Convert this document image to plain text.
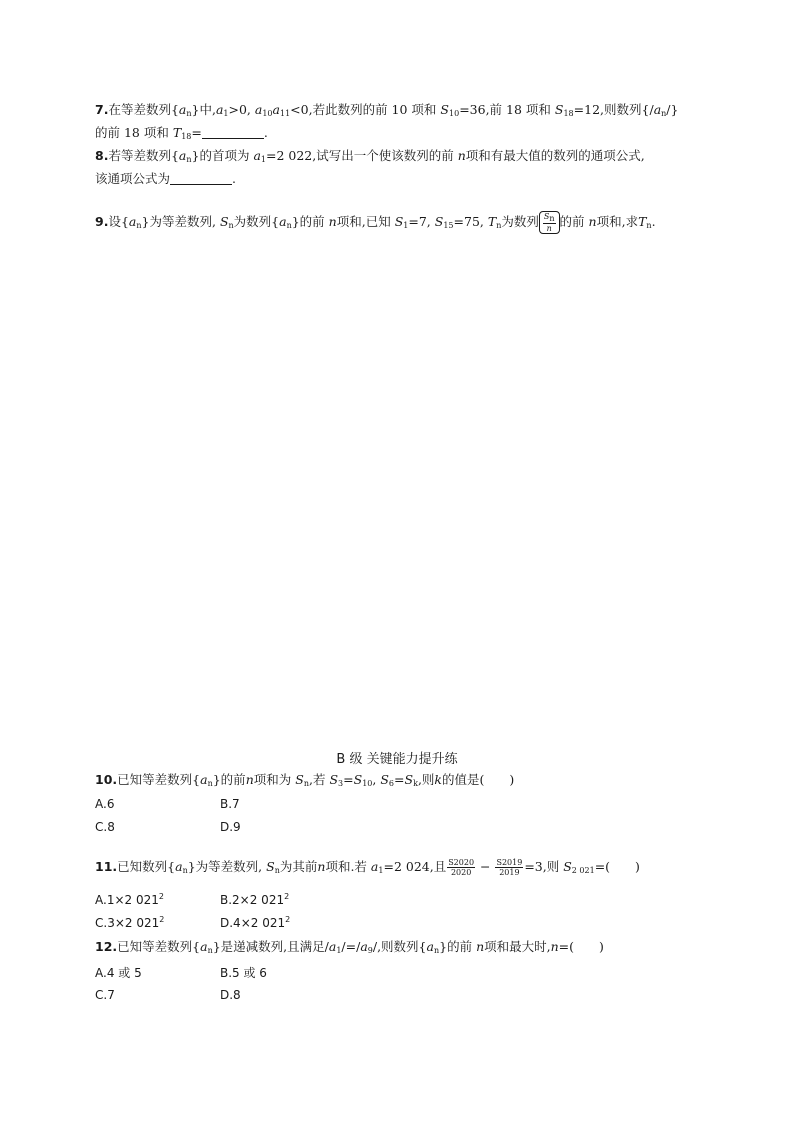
7.在等差数列$\{a_n\}$中$,a_1>0$, $a_{10}a_{11}<0$,若此数列的前 10 项和 $S_{10}=36$,前 18 项和 $S_{18}=12$,则数列$\{/a_n/\}$
的前 18 项和 $T_{18}=$	.
8.若等差数列$\{a_n\}$的首项为 $a_1=2$ 022,试写出一个使该数列的前 n项和有最大值的数列的通项公式,
该通项公式为	.
9.设$\{a_n\}$为等差数列, $S_n$为数列$\{a_n\}$的前 n项和,已知 $S_1=7$, $S_{15}=75$, $T_n$为数列 $\frac{S_n}{n}$ 的前 n项和,求$T_n$.
B 级 关键能力提升练
10.已知等差数列$\{a_n\}$的前n项和为 $S_n$,若 $S_3=S_{10}$, $S_6=S_k$,则k的值是(　　)
A.6	B.7
C.8	D.9
11.已知数列$\{a_n\}$为等差数列, $S_n$为其前n项和.若 $a_1=2$ 024,且 $\frac{S2020}{2020} - \frac{S2019}{2019} =3$,则 $S_{2 021}=$(　　)
A.1×2 $021^2$	B.2×2 $021^2$
C.3×2 $021^2$	D.4×2 $021^2$
12.已知等差数列$\{a_n\}$是递减数列,且满足$/a_1/=/a_9/$,则数列$\{a_n\}$的前 n项和最大时,n=(　　)
A.4 或 5	B.5 或 6
C.7	D.8
